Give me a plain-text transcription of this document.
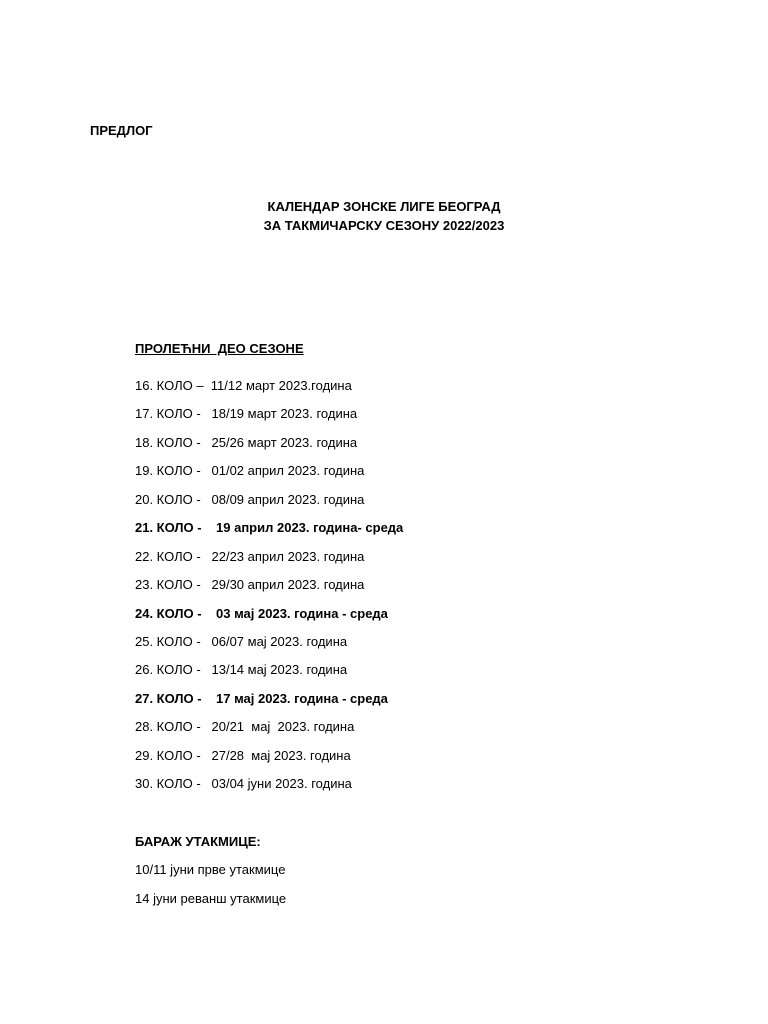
ПРЕДЛОГ
КАЛЕНДАР ЗОНСКЕ ЛИГЕ БЕОГРАД
ЗА ТАКМИЧАРСКУ СЕЗОНУ 2022/2023
ПРОЛЕЋНИ  ДЕО СЕЗОНЕ
16. КОЛО –  11/12 март 2023.година
17. КОЛО -   18/19 март 2023. година
18. КОЛО -   25/26 март 2023. година
19. КОЛО -   01/02 април 2023. година
20. КОЛО -   08/09 април 2023. година
21. КОЛО -    19 април 2023. година- среда
22. КОЛО -   22/23 април 2023. година
23. КОЛО -   29/30 април 2023. година
24. КОЛО -    03 мај 2023. година - среда
25. КОЛО -   06/07 мај 2023. година
26. КОЛО -   13/14 мај 2023. година
27. КОЛО -    17 мај 2023. година - среда
28. КОЛО -   20/21  мај  2023. година
29. КОЛО -   27/28  мај 2023. година
30. КОЛО -   03/04 јуни 2023. година
БАРАЖ УТАКМИЦЕ:
10/11 јуни прве утакмице
14 јуни реванш утакмице
